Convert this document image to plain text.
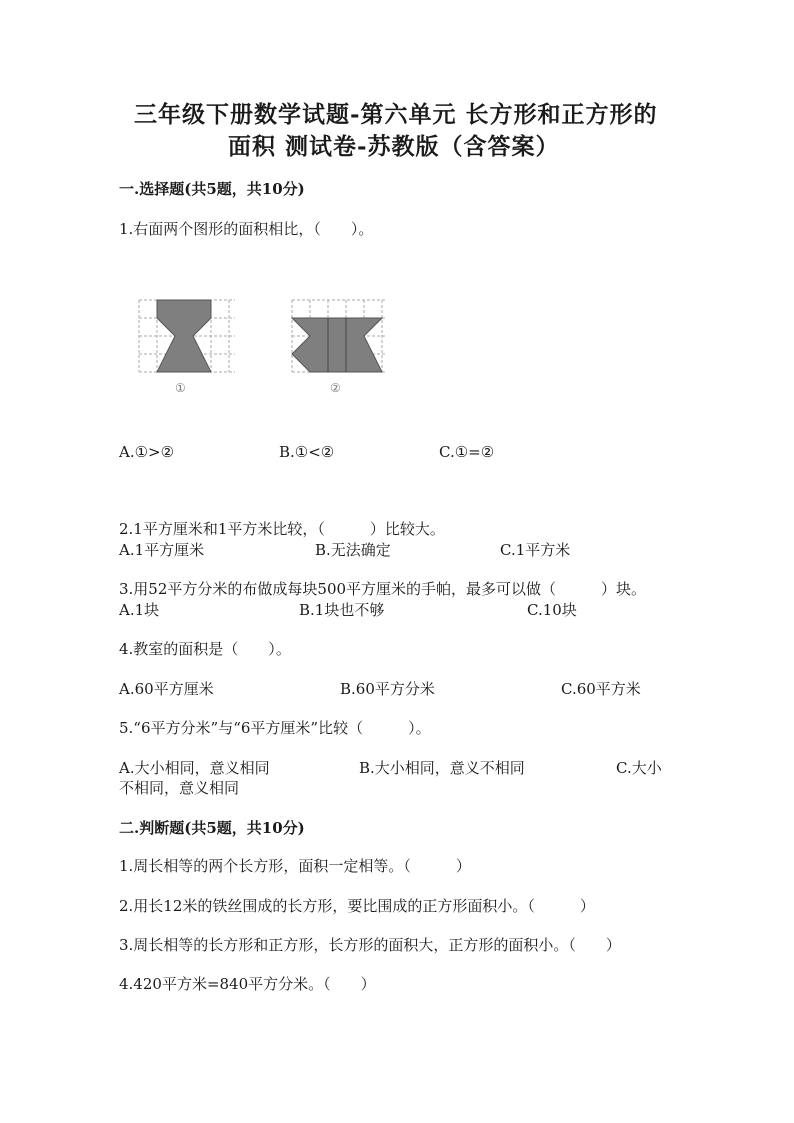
三年级下册数学试题-第六单元 长方形和正方形的
面积 测试卷-苏教版（含答案）
一.选择题(共5题，共10分)
1.右面两个图形的面积相比，（　　）。
①	②
A.①>②	B.①<②	C.①=②
2.1平方厘米和1平方米比较，（　　　）比较大。
A.1平方厘米	B.无法确定	C.1平方米
3.用52平方分米的布做成每块500平方厘米的手帕，最多可以做（　　　）块。
A.1块	B.1块也不够	C.10块
4.教室的面积是（　　）。
A.60平方厘米	B.60平方分米	C.60平方米
5.“6平方分米”与“6平方厘米”比较（　　　）。
A.大小相同，意义相同	B.大小相同，意义不相同	C.大小
不相同，意义相同
二.判断题(共5题，共10分)
1.周长相等的两个长方形，面积一定相等。（　　　）
2.用长12米的铁丝围成的长方形，要比围成的正方形面积小。（　　　）
3.周长相等的长方形和正方形，长方形的面积大，正方形的面积小。（　　）
4.420平方米=840平方分米。（　　）
